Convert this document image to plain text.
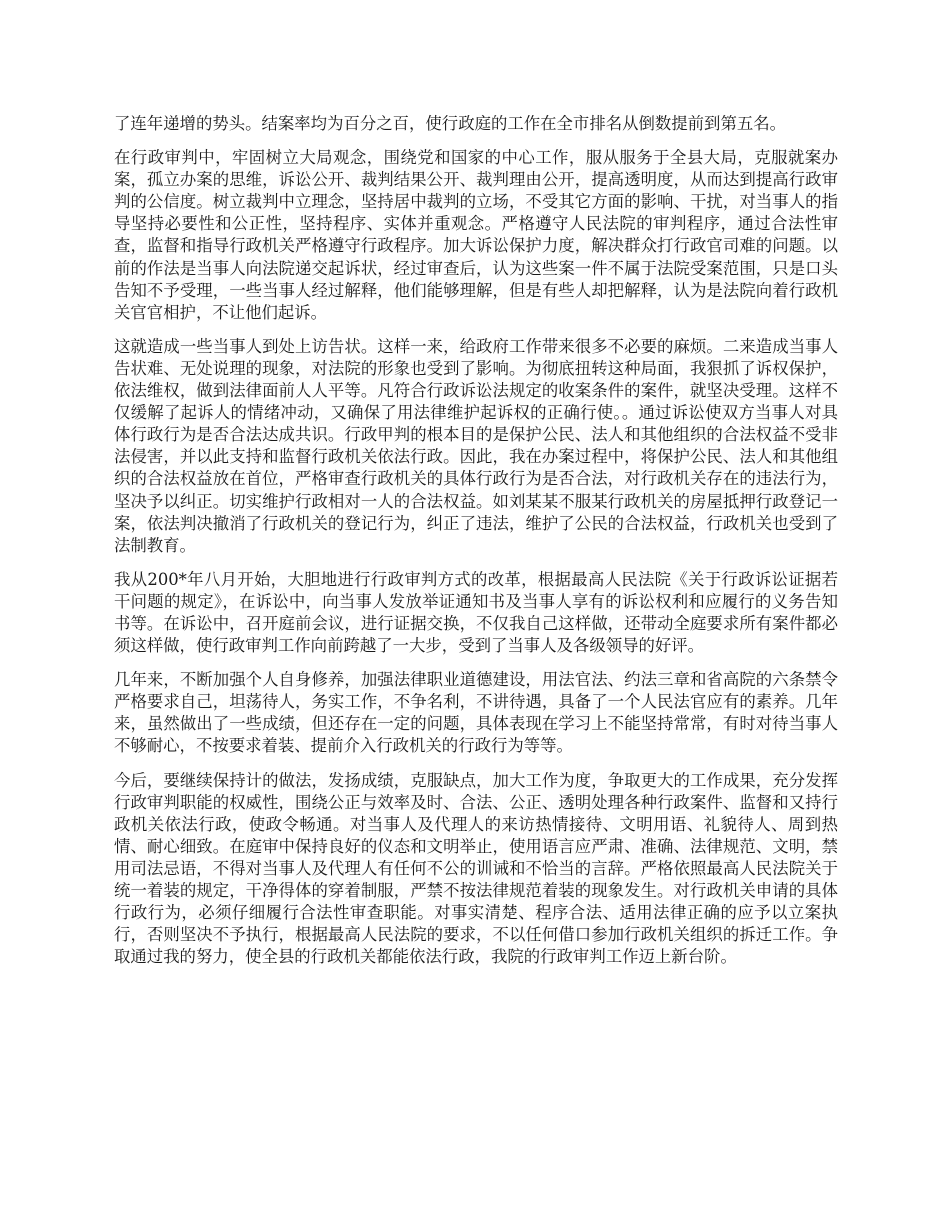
了连年递增的势头。结案率均为百分之百，使行政庭的工作在全市排名从倒数提前到第五名。

在行政审判中，牢固树立大局观念，围绕党和国家的中心工作，服从服务于全县大局，克服就案办案，孤立办案的思维，诉讼公开、裁判结果公开、裁判理由公开，提高透明度，从而达到提高行政审判的公信度。树立裁判中立理念，坚持居中裁判的立场，不受其它方面的影响、干扰，对当事人的指导坚持必要性和公正性，坚持程序、实体并重观念。严格遵守人民法院的审判程序，通过合法性审查，监督和指导行政机关严格遵守行政程序。加大诉讼保护力度，解决群众打行政官司难的问题。以前的作法是当事人向法院递交起诉状，经过审查后，认为这些案一件不属于法院受案范围，只是口头告知不予受理，一些当事人经过解释，他们能够理解，但是有些人却把解释，认为是法院向着行政机关官官相护，不让他们起诉。

这就造成一些当事人到处上访告状。这样一来，给政府工作带来很多不必要的麻烦。二来造成当事人告状难、无处说理的现象，对法院的形象也受到了影响。为彻底扭转这种局面，我狠抓了诉权保护，依法维权，做到法律面前人人平等。凡符合行政诉讼法规定的收案条件的案件，就坚决受理。这样不仅缓解了起诉人的情绪冲动，又确保了用法律维护起诉权的正确行使。。通过诉讼使双方当事人对具体行政行为是否合法达成共识。行政甲判的根本目的是保护公民、法人和其他组织的合法权益不受非法侵害，并以此支持和监督行政机关依法行政。因此，我在办案过程中，将保护公民、法人和其他组织的合法权益放在首位，严格审查行政机关的具体行政行为是否合法，对行政机关存在的违法行为，坚决予以纠正。切实维护行政相对一人的合法权益。如刘某某不服某行政机关的房屋抵押行政登记一案，依法判决撤消了行政机关的登记行为，纠正了违法，维护了公民的合法权益，行政机关也受到了法制教育。

我从200*年八月开始，大胆地进行行政审判方式的改革，根据最高人民法院《关于行政诉讼证据若干问题的规定》，在诉讼中，向当事人发放举证通知书及当事人享有的诉讼权利和应履行的义务告知书等。在诉讼中，召开庭前会议，进行证据交换，不仅我自己这样做，还带动全庭要求所有案件都必须这样做，使行政审判工作向前跨越了一大步，受到了当事人及各级领导的好评。

几年来，不断加强个人自身修养，加强法律职业道德建设，用法官法、约法三章和省高院的六条禁令严格要求自己，坦荡待人，务实工作，不争名利，不讲待遇，具备了一个人民法官应有的素养。几年来，虽然做出了一些成绩，但还存在一定的问题，具体表现在学习上不能坚持常常，有时对待当事人不够耐心，不按要求着装、提前介入行政机关的行政行为等等。

今后，要继续保持计的做法，发扬成绩，克服缺点，加大工作为度，争取更大的工作成果，充分发挥行政审判职能的权威性，围绕公正与效率及时、合法、公正、透明处理各种行政案件、监督和又持行政机关依法行政，使政令畅通。对当事人及代理人的来访热情接待、文明用语、礼貌待人、周到热情、耐心细致。在庭审中保持良好的仪态和文明举止，使用语言应严肃、准确、法律规范、文明，禁用司法忌语，不得对当事人及代理人有任何不公的训诫和不恰当的言辞。严格依照最高人民法院关于统一着装的规定，干净得体的穿着制服，严禁不按法律规范着装的现象发生。对行政机关申请的具体行政行为，必须仔细履行合法性审查职能。对事实清楚、程序合法、适用法律正确的应予以立案执行，否则坚决不予执行，根据最高人民法院的要求，不以任何借口参加行政机关组织的拆迁工作。争取通过我的努力，使全县的行政机关都能依法行政，我院的行政审判工作迈上新台阶。
